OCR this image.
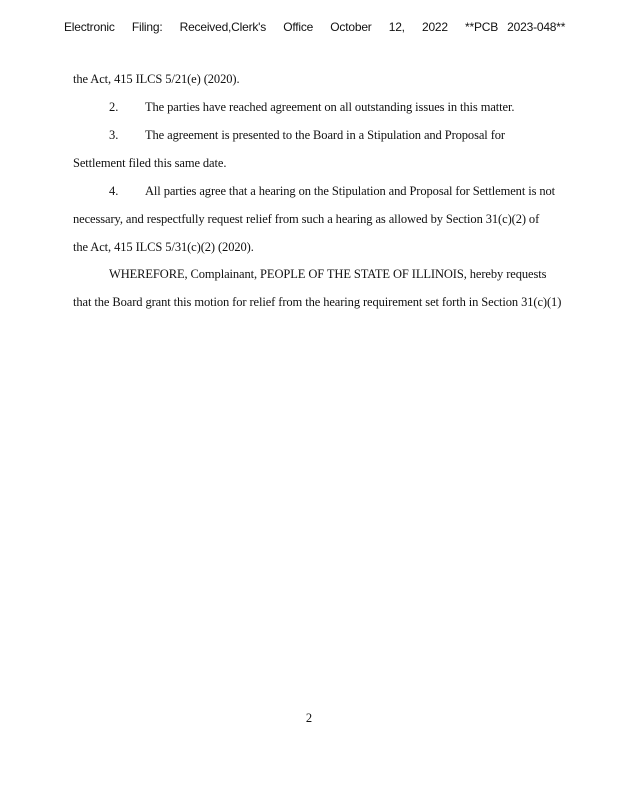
Electronic Filing: Received,Clerk's Office October 12, 2022 **PCB 2023-048**
the Act, 415 ILCS 5/21(e) (2020).
2. The parties have reached agreement on all outstanding issues in this matter.
3. The agreement is presented to the Board in a Stipulation and Proposal for
Settlement filed this same date.
4. All parties agree that a hearing on the Stipulation and Proposal for Settlement is not
necessary, and respectfully request relief from such a hearing as allowed by Section 31(c)(2) of
the Act, 415 ILCS 5/31(c)(2) (2020).
WHEREFORE, Complainant, PEOPLE OF THE STATE OF ILLINOIS, hereby requests
that the Board grant this motion for relief from the hearing requirement set forth in Section 31(c)(1)
2
